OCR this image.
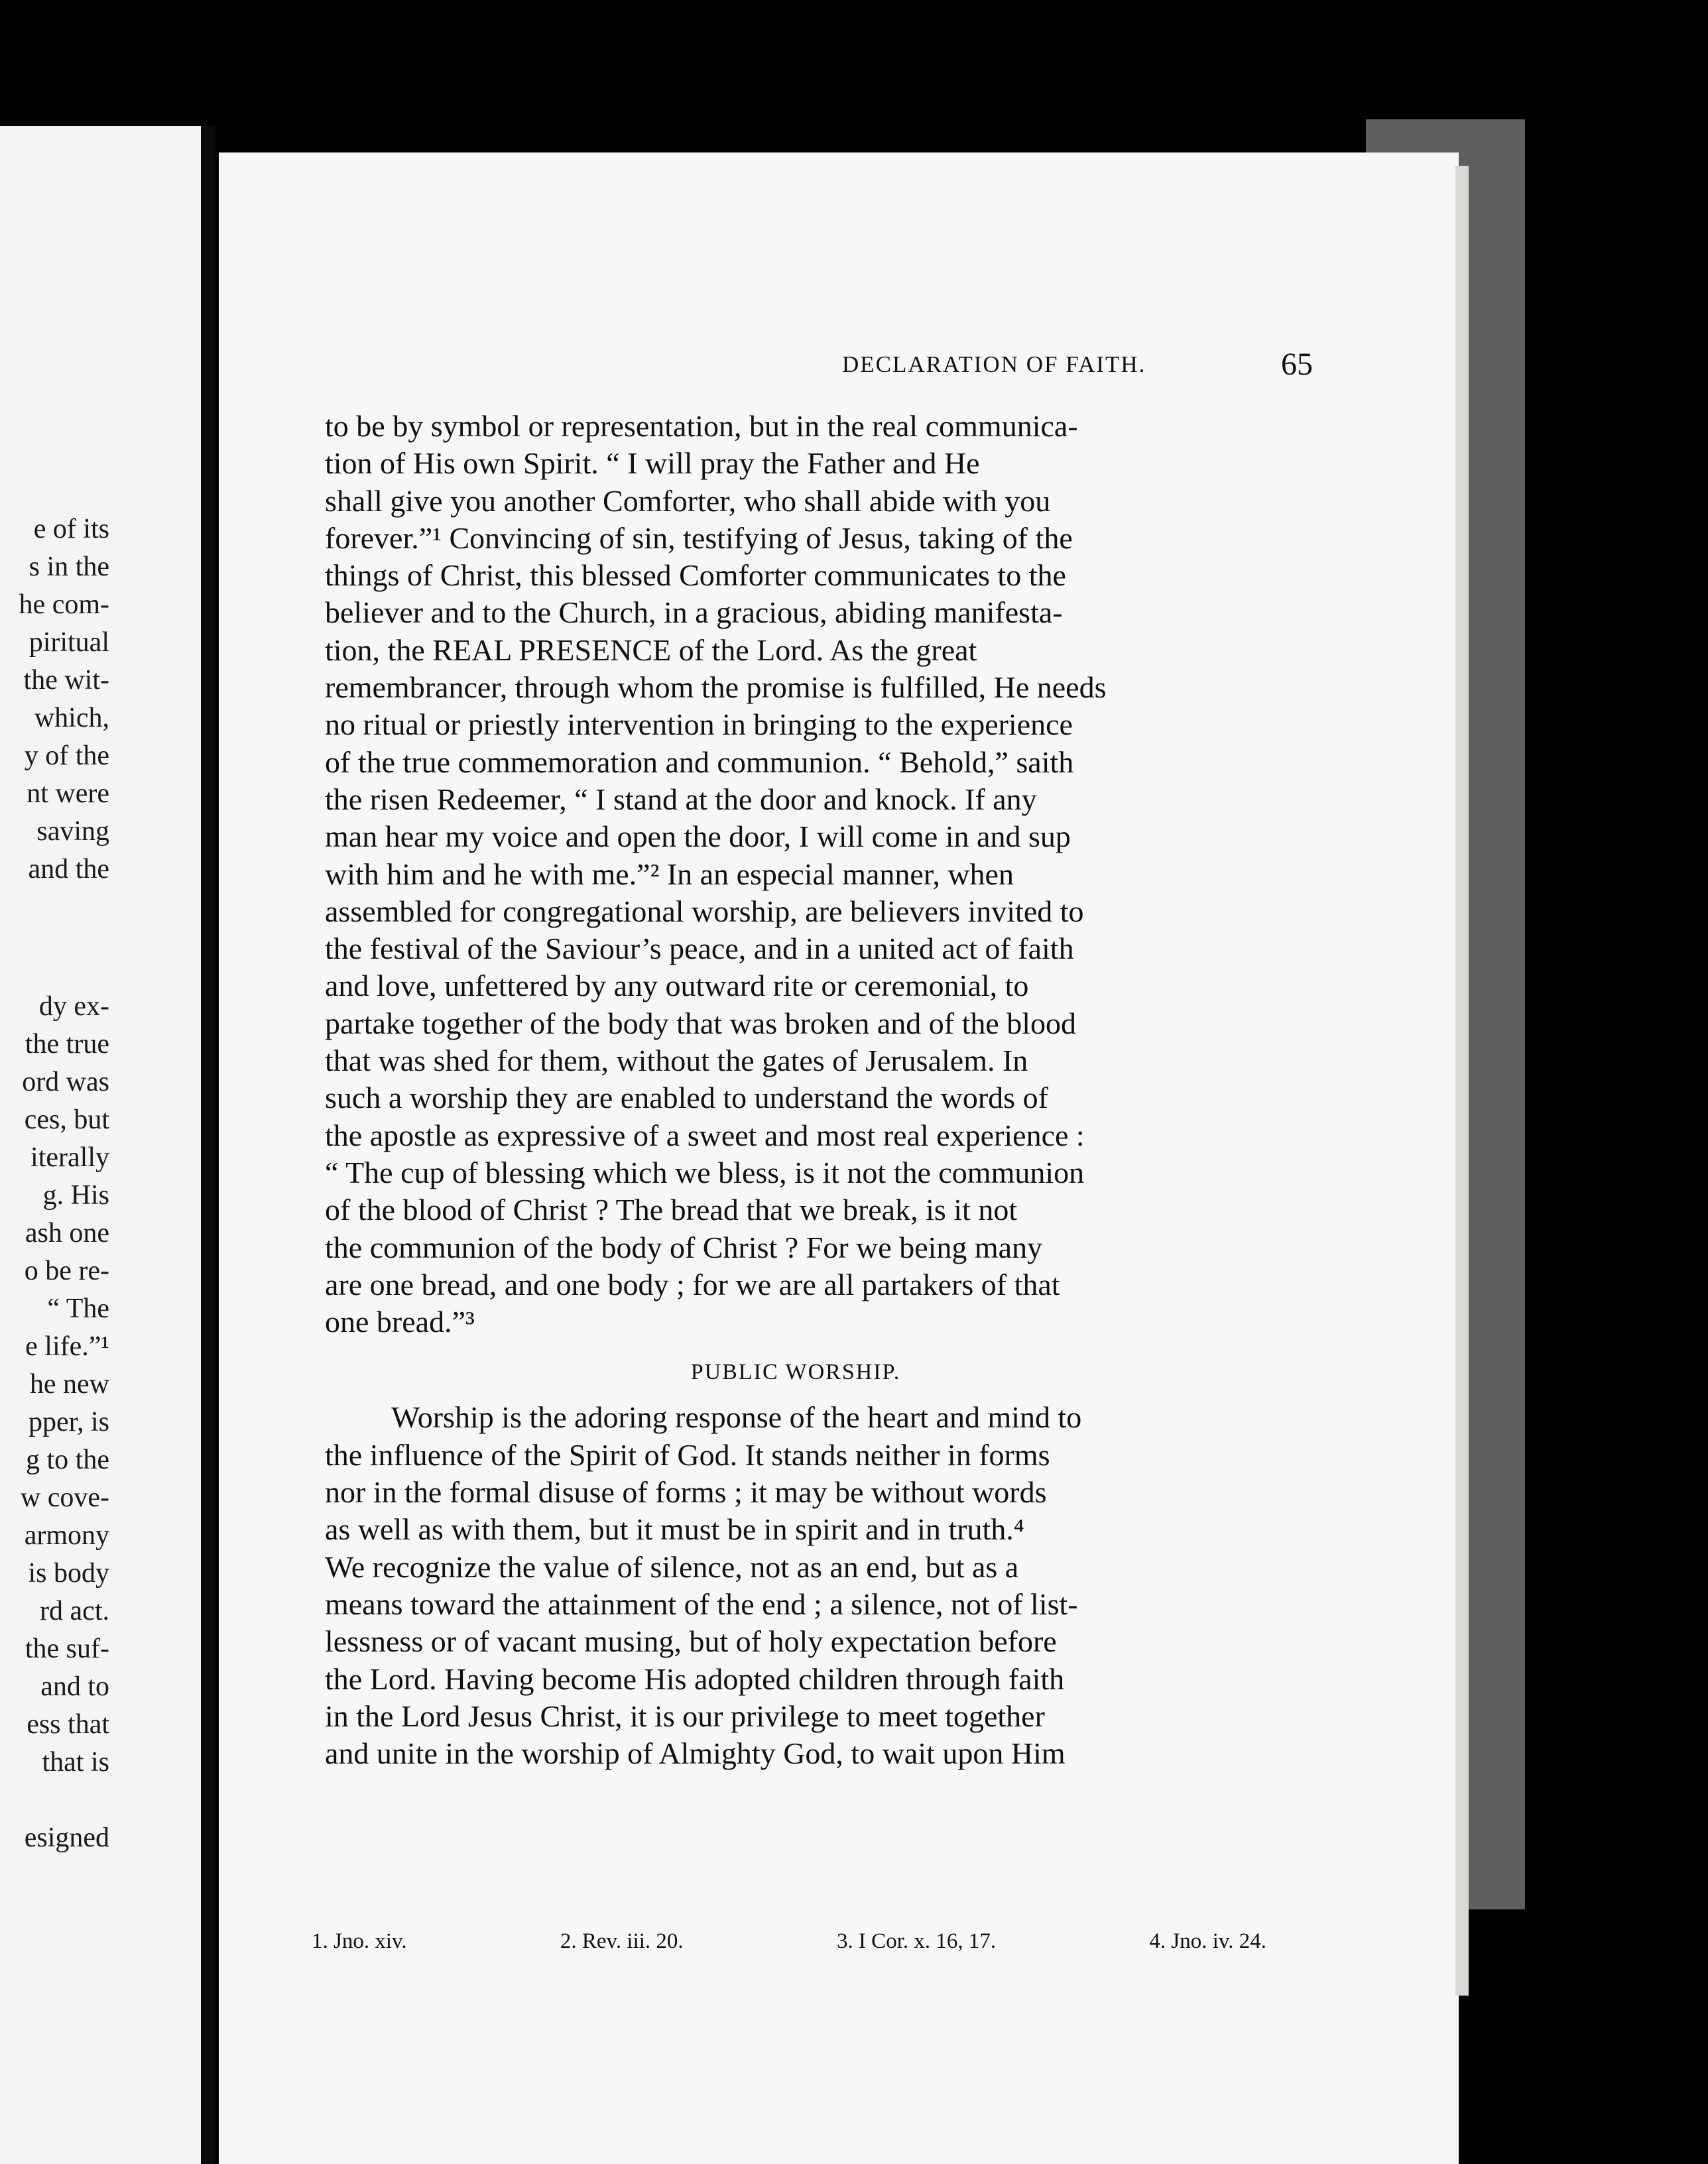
e of its
s in the
he com-
piritual
the wit-
which,
y of the
nt were
saving
and the
dy ex-
the true
ord was
ces, but
iterally
g. His
ash one
o be re-
“ The
e life.”¹
he new
pper, is
g to the
w cove-
armony
is body
rd act.
the suf-
and to
ess that
that is
esigned
DECLARATION OF FAITH.	65
to be by symbol or representation, but in the real communica-
tion of His own Spirit. “ I will pray the Father and He
shall give you another Comforter, who shall abide with you
forever.”¹ Convincing of sin, testifying of Jesus, taking of the
things of Christ, this blessed Comforter communicates to the
believer and to the Church, in a gracious, abiding manifesta-
tion, the REAL PRESENCE of the Lord. As the great
remembrancer, through whom the promise is fulfilled, He needs
no ritual or priestly intervention in bringing to the experience
of the true commemoration and communion. “ Behold,” saith
the risen Redeemer, “ I stand at the door and knock. If any
man hear my voice and open the door, I will come in and sup
with him and he with me.”² In an especial manner, when
assembled for congregational worship, are believers invited to
the festival of the Saviour’s peace, and in a united act of faith
and love, unfettered by any outward rite or ceremonial, to
partake together of the body that was broken and of the blood
that was shed for them, without the gates of Jerusalem. In
such a worship they are enabled to understand the words of
the apostle as expressive of a sweet and most real experience :
“ The cup of blessing which we bless, is it not the communion
of the blood of Christ ? The bread that we break, is it not
the communion of the body of Christ ? For we being many
are one bread, and one body ; for we are all partakers of that
one bread.”³
PUBLIC WORSHIP.
Worship is the adoring response of the heart and mind to
the influence of the Spirit of God. It stands neither in forms
nor in the formal disuse of forms ; it may be without words
as well as with them, but it must be in spirit and in truth.⁴
We recognize the value of silence, not as an end, but as a
means toward the attainment of the end ; a silence, not of list-
lessness or of vacant musing, but of holy expectation before
the Lord. Having become His adopted children through faith
in the Lord Jesus Christ, it is our privilege to meet together
and unite in the worship of Almighty God, to wait upon Him
1. Jno. xiv.	2. Rev. iii. 20.	3. I Cor. x. 16, 17.	4. Jno. iv. 24.
